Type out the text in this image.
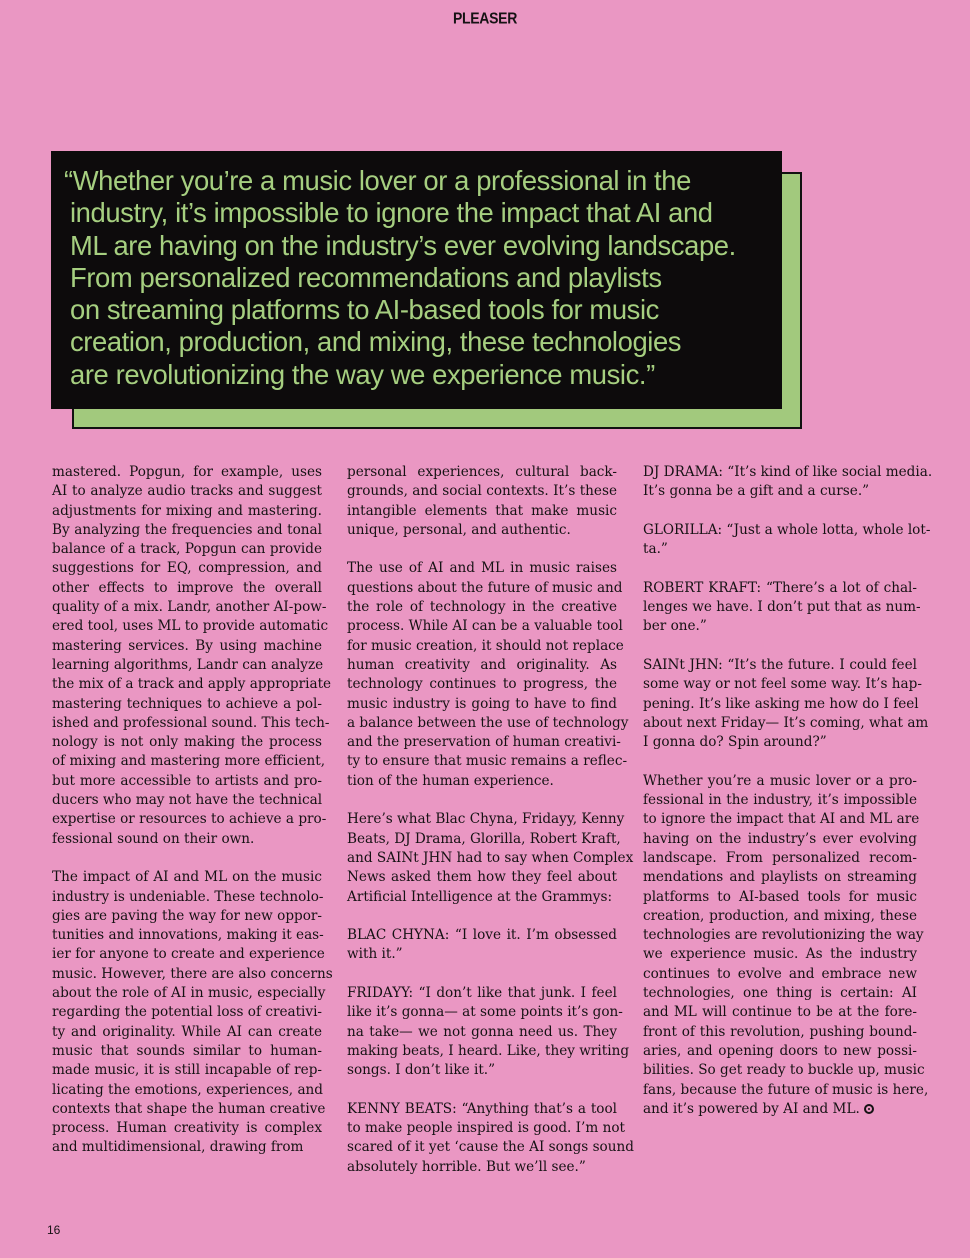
PLEASER

“Whether you’re a music lover or a professional in the
industry, it’s impossible to ignore the impact that AI and
ML are having on the industry’s ever evolving landscape.
From personalized recommendations and playlists
on streaming platforms to AI-based tools for music
creation, production, and mixing, these technologies
are revolutionizing the way we experience music.”

mastered. Popgun, for example, uses
AI to analyze audio tracks and suggest
adjustments for mixing and mastering.
By analyzing the frequencies and tonal
balance of a track, Popgun can provide
suggestions for EQ, compression, and
other effects to improve the overall
quality of a mix. Landr, another AI-pow-
ered tool, uses ML to provide automatic
mastering services. By using machine
learning algorithms, Landr can analyze
the mix of a track and apply appropriate
mastering techniques to achieve a pol-
ished and professional sound. This tech-
nology is not only making the process
of mixing and mastering more efficient,
but more accessible to artists and pro-
ducers who may not have the technical
expertise or resources to achieve a pro-
fessional sound on their own.

The impact of AI and ML on the music
industry is undeniable. These technolo-
gies are paving the way for new oppor-
tunities and innovations, making it eas-
ier for anyone to create and experience
music. However, there are also concerns
about the role of AI in music, especially
regarding the potential loss of creativi-
ty and originality. While AI can create
music that sounds similar to human-
made music, it is still incapable of rep-
licating the emotions, experiences, and
contexts that shape the human creative
process. Human creativity is complex
and multidimensional, drawing from

personal experiences, cultural back-
grounds, and social contexts. It’s these
intangible elements that make music
unique, personal, and authentic.

The use of AI and ML in music raises
questions about the future of music and
the role of technology in the creative
process. While AI can be a valuable tool
for music creation, it should not replace
human creativity and originality. As
technology continues to progress, the
music industry is going to have to find
a balance between the use of technology
and the preservation of human creativi-
ty to ensure that music remains a reflec-
tion of the human experience.

Here’s what Blac Chyna, Fridayy, Kenny
Beats, DJ Drama, Glorilla, Robert Kraft,
and SAINt JHN had to say when Complex
News asked them how they feel about
Artificial Intelligence at the Grammys:

BLAC CHYNA: “I love it. I’m obsessed
with it.”

FRIDAYY: “I don’t like that junk. I feel
like it’s gonna— at some points it’s gon-
na take— we not gonna need us. They
making beats, I heard. Like, they writing
songs. I don’t like it.”

KENNY BEATS: “Anything that’s a tool
to make people inspired is good. I’m not
scared of it yet ‘cause the AI songs sound
absolutely horrible. But we’ll see.”

DJ DRAMA: “It’s kind of like social media.
It’s gonna be a gift and a curse.”

GLORILLA: “Just a whole lotta, whole lot-
ta.”

ROBERT KRAFT: “There’s a lot of chal-
lenges we have. I don’t put that as num-
ber one.”

SAINt JHN: “It’s the future. I could feel
some way or not feel some way. It’s hap-
pening. It’s like asking me how do I feel
about next Friday— It’s coming, what am
I gonna do? Spin around?”

Whether you’re a music lover or a pro-
fessional in the industry, it’s impossible
to ignore the impact that AI and ML are
having on the industry’s ever evolving
landscape. From personalized recom-
mendations and playlists on streaming
platforms to AI-based tools for music
creation, production, and mixing, these
technologies are revolutionizing the way
we experience music. As the industry
continues to evolve and embrace new
technologies, one thing is certain: AI
and ML will continue to be at the fore-
front of this revolution, pushing bound-
aries, and opening doors to new possi-
bilities. So get ready to buckle up, music
fans, because the future of music is here,
and it’s powered by AI and ML.

16
